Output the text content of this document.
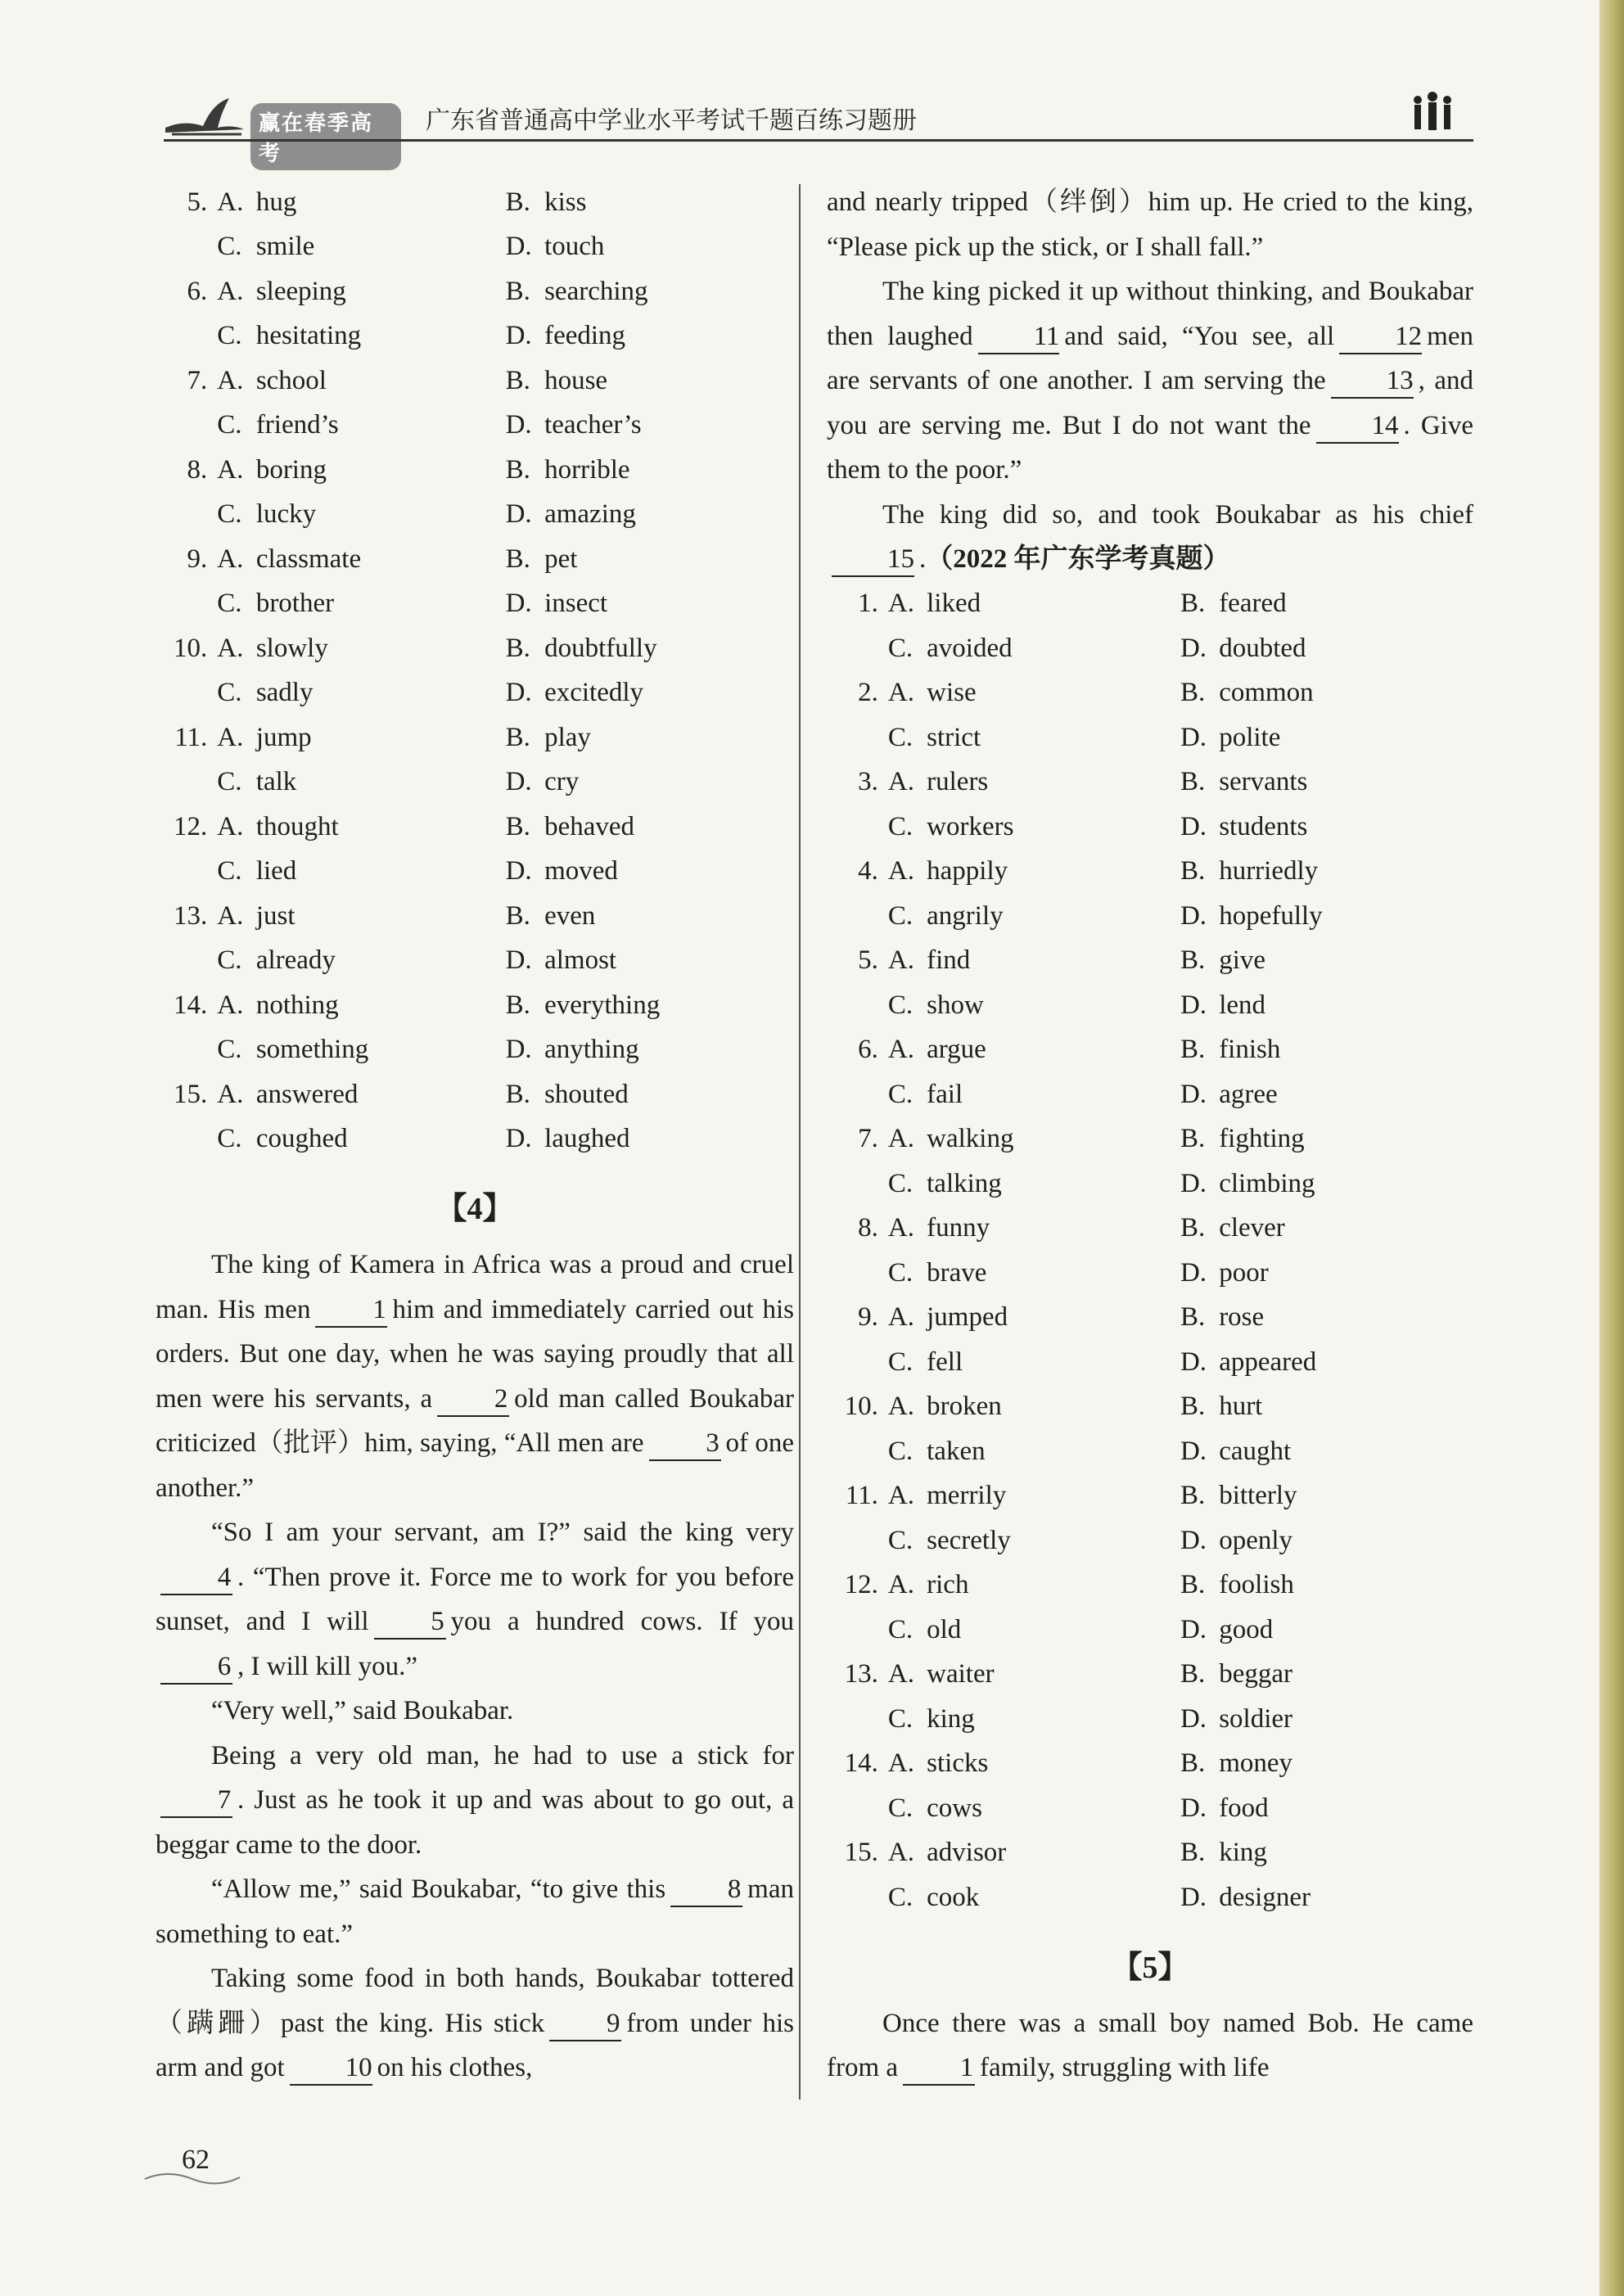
赢在春季高考
广东省普通高中学业水平考试千题百练习题册
5.	A.	hug	B.	kiss
	C.	smile	D.	touch
6.	A.	sleeping	B.	searching
	C.	hesitating	D.	feeding
7.	A.	school	B.	house
	C.	friend’s	D.	teacher’s
8.	A.	boring	B.	horrible
	C.	lucky	D.	amazing
9.	A.	classmate	B.	pet
	C.	brother	D.	insect
10.	A.	slowly	B.	doubtfully
	C.	sadly	D.	excitedly
11.	A.	jump	B.	play
	C.	talk	D.	cry
12.	A.	thought	B.	behaved
	C.	lied	D.	moved
13.	A.	just	B.	even
	C.	already	D.	almost
14.	A.	nothing	B.	everything
	C.	something	D.	anything
15.	A.	answered	B.	shouted
	C.	coughed	D.	laughed
【4】

The king of Kamera in Africa was a proud and cruel man. His men 1 him and immediately carried out his orders. But one day, when he was saying proudly that all men were his servants, a 2 old man called Boukabar criticized（批评）him, saying, “All men are 3 of one another.”

“So I am your servant, am I?” said the king very4 . “Then prove it. Force me to work for you before sunset, and I will 5 you a hundred cows. If you6 , I will kill you.”

“Very well,” said Boukabar.

Being a very old man, he had to use a stick for7 . Just as he took it up and was about to go out, a beggar came to the door.

“Allow me,” said Boukabar, “to give this 8 man something to eat.”

Taking some food in both hands, Boukabar tottered（蹒跚）past the king. His stick 9 from under his arm and got 10 on his clothes,

and nearly tripped（绊倒）him up. He cried to the king, “Please pick up the stick, or I shall fall.”

The king picked it up without thinking, and Boukabar then laughed 11 and said, “You see, all 12 men are servants of one another. I am serving the 13 , and you are serving me. But I do not want the 14 . Give them to the poor.”

The king did so, and took Boukabar as his chief15 .（2022 年广东学考真题）

1.	A.	liked	B.	feared
	C.	avoided	D.	doubted
2.	A.	wise	B.	common
	C.	strict	D.	polite
3.	A.	rulers	B.	servants
	C.	workers	D.	students
4.	A.	happily	B.	hurriedly
	C.	angrily	D.	hopefully
5.	A.	find	B.	give
	C.	show	D.	lend
6.	A.	argue	B.	finish
	C.	fail	D.	agree
7.	A.	walking	B.	fighting
	C.	talking	D.	climbing
8.	A.	funny	B.	clever
	C.	brave	D.	poor
9.	A.	jumped	B.	rose
	C.	fell	D.	appeared
10.	A.	broken	B.	hurt
	C.	taken	D.	caught
11.	A.	merrily	B.	bitterly
	C.	secretly	D.	openly
12.	A.	rich	B.	foolish
	C.	old	D.	good
13.	A.	waiter	B.	beggar
	C.	king	D.	soldier
14.	A.	sticks	B.	money
	C.	cows	D.	food
15.	A.	advisor	B.	king
	C.	cook	D.	designer
【5】

Once there was a small boy named Bob. He came from a 1 family, struggling with life

62
